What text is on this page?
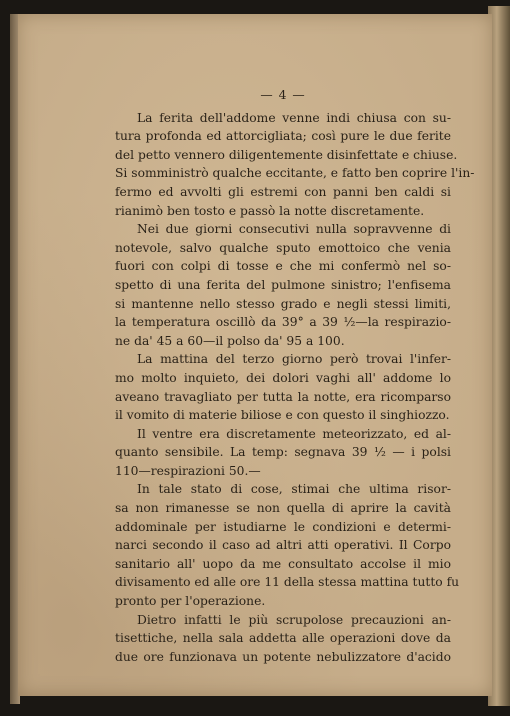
— 4 —
La ferita dell'addome venne indi chiusa con su-
tura profonda ed attorcigliata; così pure le due ferite
del petto vennero diligentemente disinfettate e chiuse.
Si somministrò qualche eccitante, e fatto ben coprire l'in-
fermo ed avvolti gli estremi con panni ben caldi si
rianimò ben tosto e passò la notte discretamente.
Nei due giorni consecutivi nulla sopravvenne di
notevole, salvo qualche sputo emottoico che venia
fuori con colpi di tosse e che mi confermò nel so-
spetto di una ferita del pulmone sinistro; l'enfisema
si mantenne nello stesso grado e negli stessi limiti,
la temperatura oscillò da 39° a 39 ½—la respirazio-
ne da' 45 a 60—il polso da' 95 a 100.
La mattina del terzo giorno però trovai l'infer-
mo molto inquieto, dei dolori vaghi all' addome lo
aveano travagliato per tutta la notte, era ricomparso
il vomito di materie biliose e con questo il singhiozzo.
Il ventre era discretamente meteorizzato, ed al-
quanto sensibile. La temp: segnava 39 ½ — i polsi
110—respirazioni 50.—
In tale stato di cose, stimai che ultima risor-
sa non rimanesse se non quella di aprire la cavità
addominale per istudiarne le condizioni e determi-
narci secondo il caso ad altri atti operativi. Il Corpo
sanitario all' uopo da me consultato accolse il mio
divisamento ed alle ore 11 della stessa mattina tutto fu
pronto per l'operazione.
Dietro infatti le più scrupolose precauzioni an-
tisettiche, nella sala addetta alle operazioni dove da
due ore funzionava un potente nebulizzatore d'acido
